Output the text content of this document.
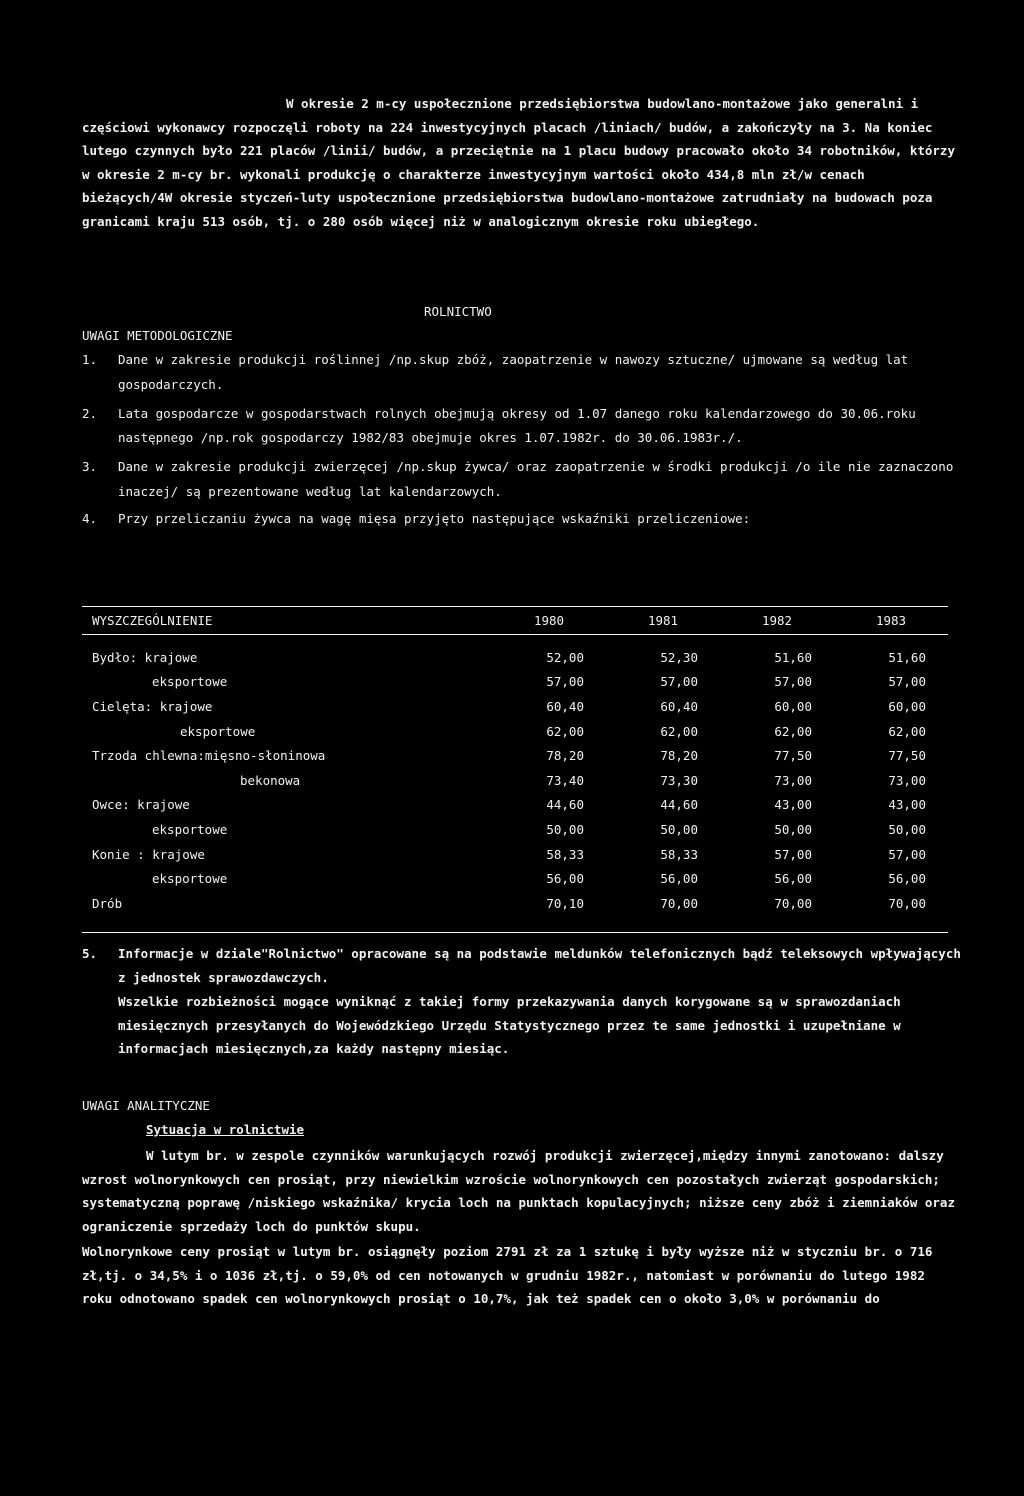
W okresie 2 m-cy uspołecznione przedsiębiorstwa budowlano-montażowe jako generalni i częściowi wykonawcy rozpoczęli roboty na 224 inwestycyjnych placach /liniach/ budów, a zakończyły na 3. Na koniec lutego czynnych było 221 placów /linii/ budów, a przeciętnie na 1 placu budowy pracowało około 34 robotników, którzy w okresie 2 m-cy br. wykonali produkcję o charakterze inwestycyjnym wartości około 434,8 mln zł/w cenach bieżących/4W okresie styczeń-luty uspołecznione przedsiębiorstwa budowlano-montażowe zatrudniały na budowach poza granicami kraju 513 osób, tj. o 280 osób więcej niż w analogicznym okresie roku ubiegłego.

ROLNICTWO

UWAGI METODOLOGICZNE

1.	Dane w zakresie produkcji roślinnej /np.skup zbóż, zaopatrzenie w nawozy sztuczne/ ujmowane są według lat gospodarczych.
2.	Lata gospodarcze w gospodarstwach rolnych obejmują okresy od 1.07 danego roku kalendarzowego do 30.06.roku następnego /np.rok gospodarczy 1982/83 obejmuje okres 1.07.1982r. do 30.06.1983r./.
3.	Dane w zakresie produkcji zwierzęcej /np.skup żywca/ oraz zaopatrzenie w środki produkcji /o ile nie zaznaczono inaczej/ są prezentowane według lat kalendarzowych.
4.	Przy przeliczaniu żywca na wagę mięsa przyjęto następujące wskaźniki przeliczeniowe:
WYSZCZEGÓLNIENIE	1980	1981	1982	1983
Bydło: krajowe	52,00	52,30	51,60	51,60
eksportowe	57,00	57,00	57,00	57,00
Cielęta: krajowe	60,40	60,40	60,00	60,00
eksportowe	62,00	62,00	62,00	62,00
Trzoda chlewna:mięsno-słoninowa	78,20	78,20	77,50	77,50
bekonowa	73,40	73,30	73,00	73,00
Owce: krajowe	44,60	44,60	43,00	43,00
eksportowe	50,00	50,00	50,00	50,00
Konie : krajowe	58,33	58,33	57,00	57,00
eksportowe	56,00	56,00	56,00	56,00
Drób	70,10	70,00	70,00	70,00
5.	Informacje w dziale"Rolnictwo" opracowane są na podstawie meldunków telefonicznych bądź teleksowych wpływających z jednostek sprawozdawczych.

Wszelkie rozbieżności mogące wyniknąć z takiej formy przekazywania danych korygowane są w sprawozdaniach miesięcznych przesyłanych do Wojewódzkiego Urzędu Statystycznego przez te same jednostki i uzupełniane w informacjach miesięcznych,za każdy następny miesiąc.

UWAGI ANALITYCZNE

Sytuacja w rolnictwie

W lutym br. w zespole czynników warunkujących rozwój produkcji zwierzęcej,między innymi zanotowano: dalszy wzrost wolnorynkowych cen prosiąt, przy niewielkim wzroście wolnorynkowych cen pozostałych zwierząt gospodarskich; systematyczną poprawę /niskiego wskaźnika/ krycia loch na punktach kopulacyjnych; niższe ceny zbóż i ziemniaków oraz ograniczenie sprzedaży loch do punktów skupu.

Wolnorynkowe ceny prosiąt w lutym br. osiągnęły poziom 2791 zł za 1 sztukę i były wyższe niż w styczniu br. o 716 zł,tj. o 34,5% i o 1036 zł,tj. o 59,0% od cen notowanych w grudniu 1982r., natomiast w porównaniu do lutego 1982 roku odnotowano spadek cen wolnorynkowych prosiąt o 10,7%, jak też spadek cen o około 3,0% w porównaniu do
